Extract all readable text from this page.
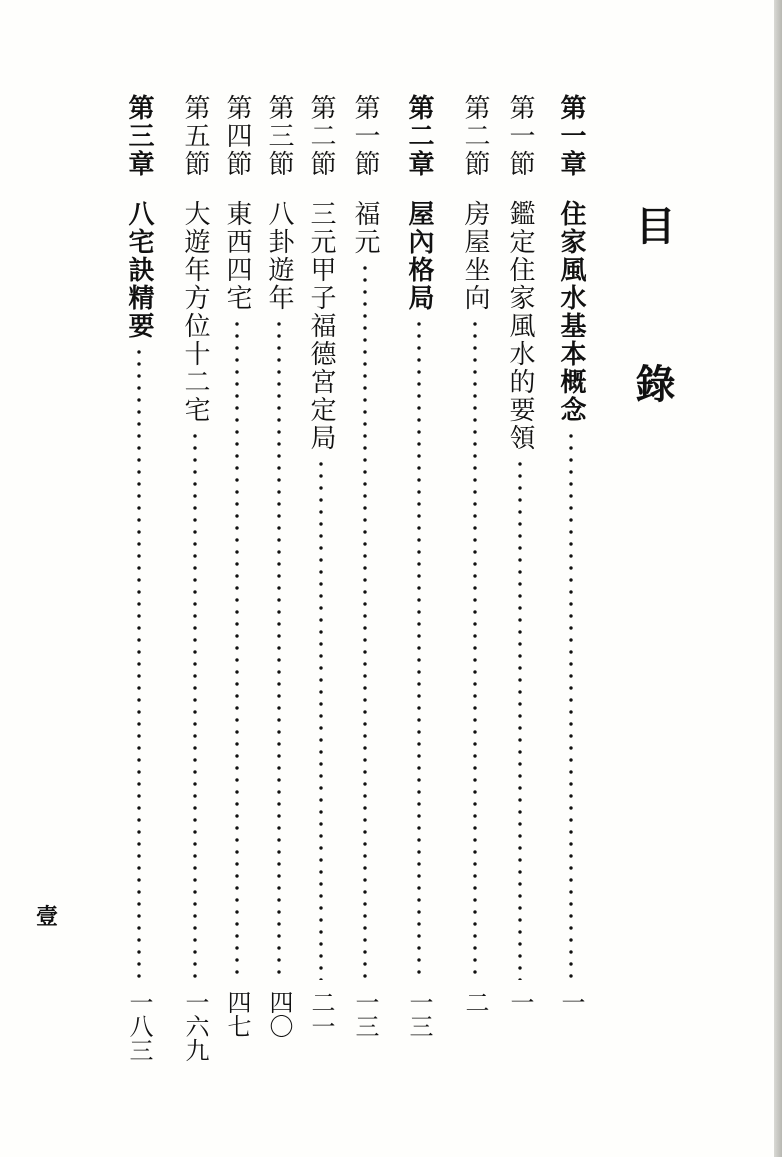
目 錄
第一章
住家風水基本概念
一
第一節
鑑定住家風水的要領
一
第二節
房屋坐向
二
第二章
屋內格局
一三
第一節
福元
一三
第二節
三元甲子福德宮定局
二一
第三節
八卦遊年
四〇
第四節
東西四宅
四七
第五節
大遊年方位十二宅
一六九
第三章
八宅訣精要
一八三
壹
